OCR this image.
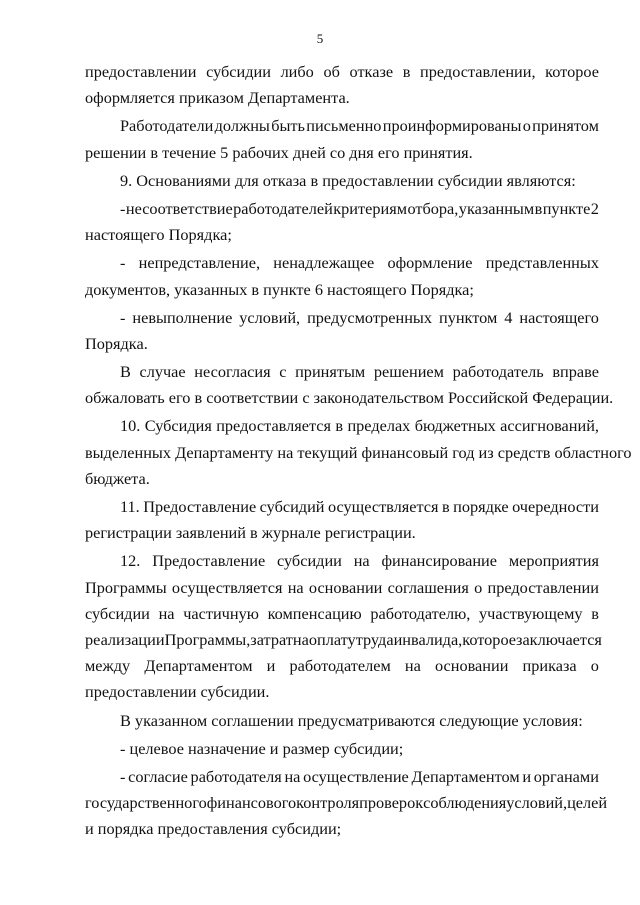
5
предоставлении субсидии либо об отказе в предоставлении, которое
оформляется приказом Департамента.
Работодатели должны быть письменно проинформированы о принятом
решении в течение 5 рабочих дней со дня его принятия.
9. Основаниями для отказа в предоставлении субсидии являются:
- несоответствие работодателей критериям отбора, указанным в пункте 2
настоящего Порядка;
- непредставление, ненадлежащее оформление представленных
документов, указанных в пункте 6 настоящего Порядка;
- невыполнение условий, предусмотренных пунктом 4 настоящего
Порядка.
В случае несогласия с принятым решением работодатель вправе
обжаловать его в соответствии с законодательством Российской Федерации.
10. Субсидия предоставляется в пределах бюджетных ассигнований,
выделенных Департаменту на текущий финансовый год из средств областного
бюджета.
11. Предоставление субсидий осуществляется в порядке очередности
регистрации заявлений в журнале регистрации.
12. Предоставление субсидии на финансирование мероприятия
Программы осуществляется на основании соглашения о предоставлении
субсидии на частичную компенсацию работодателю, участвующему в
реализации Программы, затрат на оплату труда инвалида, которое заключается
между Департаментом и работодателем на основании приказа о
предоставлении субсидии.
В указанном соглашении предусматриваются следующие условия:
- целевое назначение и размер субсидии;
- согласие работодателя на осуществление Департаментом и органами
государственного финансового контроля проверок соблюдения условий, целей
и порядка предоставления субсидии;
